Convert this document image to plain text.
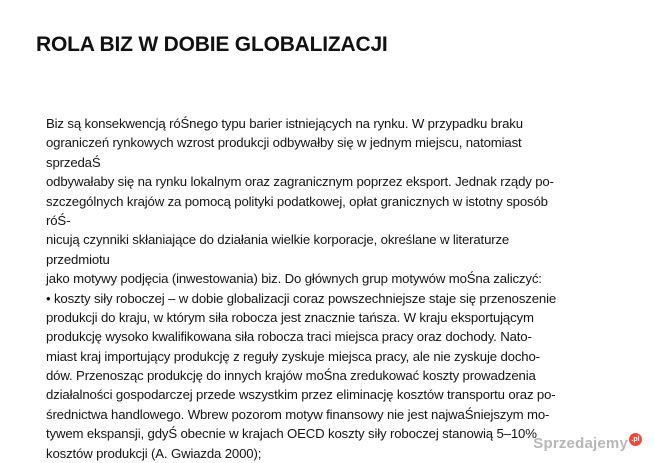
ROLA BIZ W DOBIE GLOBALIZACJI
Biz są konsekwencją róŚnego typu barier istniejących na rynku. W przypadku braku
ograniczeń rynkowych wzrost produkcji odbywałby się w jednym miejscu, natomiast
sprzedaŚ
odbywałaby się na rynku lokalnym oraz zagranicznym poprzez eksport. Jednak rządy po-
szczególnych krajów za pomocą polityki podatkowej, opłat granicznych w istotny sposób
róŚ-
nicują czynniki skłaniające do działania wielkie korporacje, określane w literaturze
przedmiotu
jako motywy podjęcia (inwestowania) biz. Do głównych grup motywów moŚna zaliczyć:
• koszty siły roboczej – w dobie globalizacji coraz powszechniejsze staje się przenoszenie
produkcji do kraju, w którym siła robocza jest znacznie tańsza. W kraju eksportującym
produkcję wysoko kwalifikowana siła robocza traci miejsca pracy oraz dochody. Nato-
miast kraj importujący produkcję z reguły zyskuje miejsca pracy, ale nie zyskuje docho-
dów. Przenosząc produkcję do innych krajów moŚna zredukować koszty prowadzenia
działalności gospodarczej przede wszystkim przez eliminację kosztów transportu oraz po-
średnictwa handlowego. Wbrew pozorom motyw finansowy nie jest najwaŚniejszym mo-
tywem ekspansji, gdyŚ obecnie w krajach OECD koszty siły roboczej stanowią 5–10%
kosztów produkcji (A. Gwiazda 2000);
Sprzedajemy .pl
